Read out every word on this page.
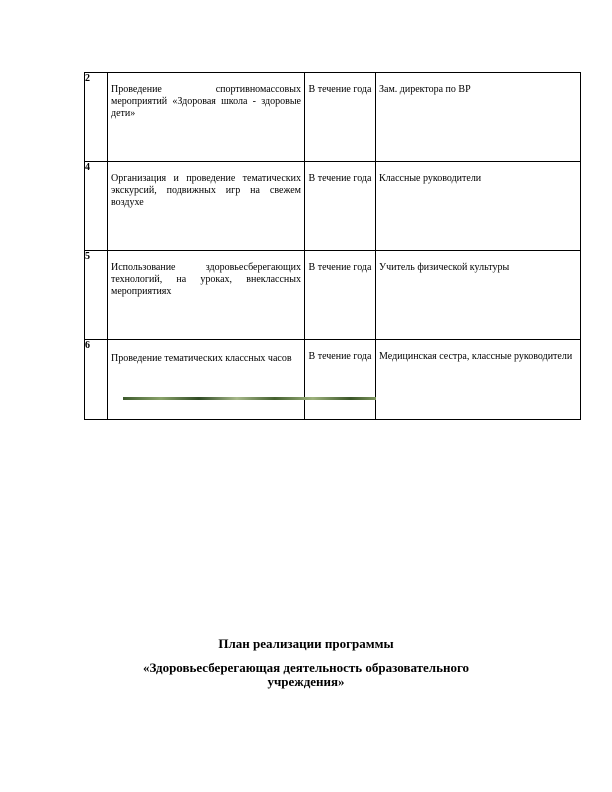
2	Проведение спортивномассовых мероприятий «Здоровая школа - здоровые дети»	В течение года	Зам. директора по ВР
4	Организация и проведение тематических экскурсий, подвижных игр на свежем воздухе	В течение года	Классные руководители
5	Использование здоровьесберегающих технологий, на уроках, внеклассных мероприятиях	В течение года	Учитель физической культуры
6	Проведение тематических классных часов	В течение года	Медицинская сестра, классные руководители
План реализации программы
«Здоровьесберегающая деятельность образовательного учреждения»
